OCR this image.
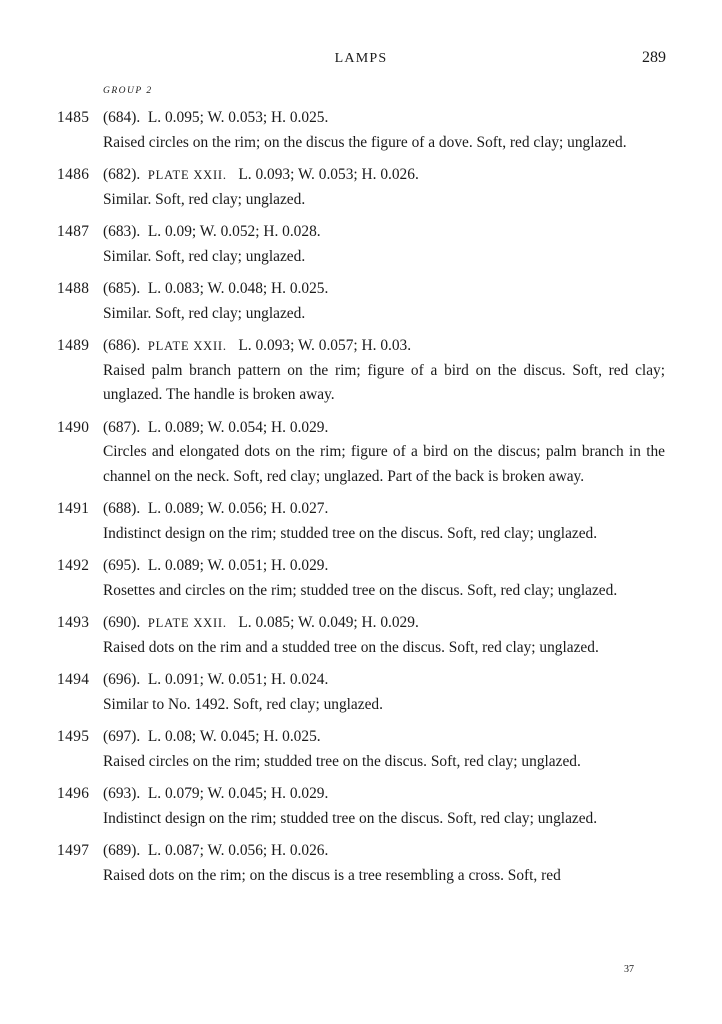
LAMPS	289
GROUP 2
1485 (684). L. 0.095; W. 0.053; H. 0.025.
Raised circles on the rim; on the discus the figure of a dove. Soft, red clay; unglazed.
1486 (682). PLATE XXII. L. 0.093; W. 0.053; H. 0.026.
Similar. Soft, red clay; unglazed.
1487 (683). L. 0.09; W. 0.052; H. 0.028.
Similar. Soft, red clay; unglazed.
1488 (685). L. 0.083; W. 0.048; H. 0.025.
Similar. Soft, red clay; unglazed.
1489 (686). PLATE XXII. L. 0.093; W. 0.057; H. 0.03.
Raised palm branch pattern on the rim; figure of a bird on the discus. Soft, red clay; unglazed. The handle is broken away.
1490 (687). L. 0.089; W. 0.054; H. 0.029.
Circles and elongated dots on the rim; figure of a bird on the discus; palm branch in the channel on the neck. Soft, red clay; unglazed. Part of the back is broken away.
1491 (688). L. 0.089; W. 0.056; H. 0.027.
Indistinct design on the rim; studded tree on the discus. Soft, red clay; unglazed.
1492 (695). L. 0.089; W. 0.051; H. 0.029.
Rosettes and circles on the rim; studded tree on the discus. Soft, red clay; unglazed.
1493 (690). PLATE XXII. L. 0.085; W. 0.049; H. 0.029.
Raised dots on the rim and a studded tree on the discus. Soft, red clay; unglazed.
1494 (696). L. 0.091; W. 0.051; H. 0.024.
Similar to No. 1492. Soft, red clay; unglazed.
1495 (697). L. 0.08; W. 0.045; H. 0.025.
Raised circles on the rim; studded tree on the discus. Soft, red clay; unglazed.
1496 (693). L. 0.079; W. 0.045; H. 0.029.
Indistinct design on the rim; studded tree on the discus. Soft, red clay; unglazed.
1497 (689). L. 0.087; W. 0.056; H. 0.026.
Raised dots on the rim; on the discus is a tree resembling a cross. Soft, red
37
